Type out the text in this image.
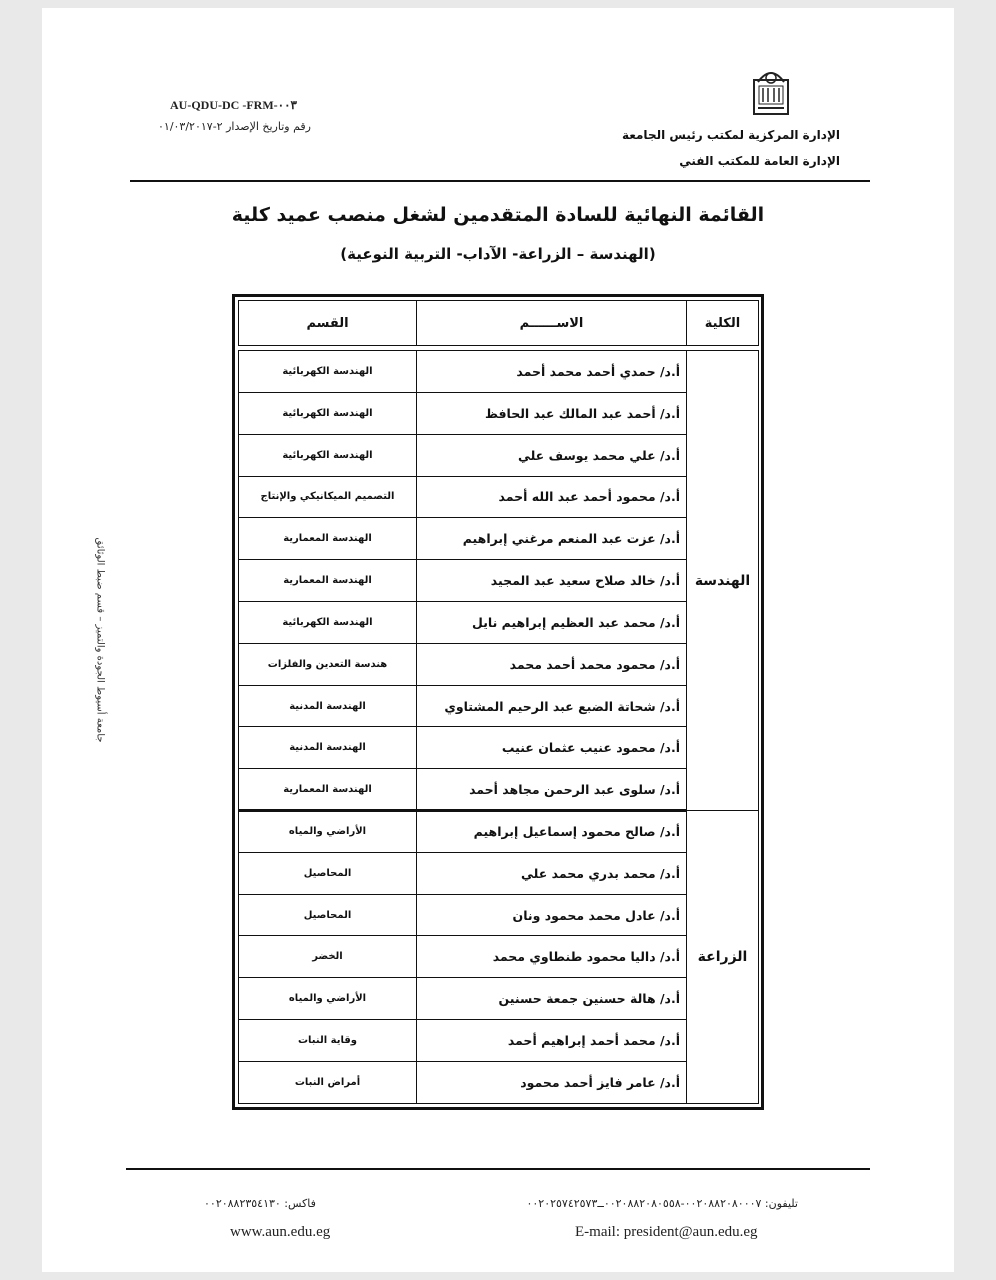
AU-QDU-DC -FRM-٠٠٣
رقم وتاريخ الإصدار ٢-٠١/٠٣/٢٠١٧
الإدارة المركزية لمكتب رئيس الجامعة
الإدارة العامة للمكتب الفني
القائمة النهائية للسادة المتقدمين لشغل منصب عميد كلية
(الهندسة – الزراعة- الآداب- التربية النوعية)
جامعة أسيوط الجودة والتميز – قسم ضبط الوثائق
الكلية	الاســــــم	القسم

الهندسة	أ.د/ حمدي أحمد محمد أحمد	الهندسة الكهربائية
	أ.د/ أحمد عبد المالك عبد الحافظ	الهندسة الكهربائية
	أ.د/ علي محمد يوسف علي	الهندسة الكهربائية
	أ.د/ محمود أحمد عبد الله أحمد	التصميم الميكانيكي والإنتاج
	أ.د/ عزت عبد المنعم مرغني إبراهيم	الهندسة المعمارية
	أ.د/ خالد صلاح سعيد عبد المجيد	الهندسة المعمارية
	أ.د/ محمد عبد العظيم إبراهيم نايل	الهندسة الكهربائية
	أ.د/ محمود محمد أحمد محمد	هندسة التعدين والفلزات
	أ.د/ شحاتة الضبع عبد الرحيم المشتاوي	الهندسة المدنية
	أ.د/ محمود عنيب عثمان عنيب	الهندسة المدنية
	أ.د/ سلوى عبد الرحمن مجاهد أحمد	الهندسة المعمارية
الزراعة	أ.د/ صالح محمود إسماعيل إبراهيم	الأراضي والمياه
	أ.د/ محمد بدري محمد علي	المحاصيل
	أ.د/ عادل محمد محمود ونان	المحاصيل
	أ.د/ داليا محمود طنطاوي محمد	الخضر
	أ.د/ هالة حسنين جمعة حسنين	الأراضي والمياه
	أ.د/ محمد أحمد إبراهيم أحمد	وقاية النبات
	أ.د/ عامر فايز أحمد محمود	أمراض النبات
تليفون: ٠٠٢٠٨٨٢٠٨٠٠٠٧-٠٠٢٠٨٨٢٠٨٠٥٥٨ــ٠٠٢٠٢٥٧٤٢٥٧٣
فاكس: ٠٠٢٠٨٨٢٣٥٤١٣٠
www.aun.edu.eg	E-mail: president@aun.edu.eg
